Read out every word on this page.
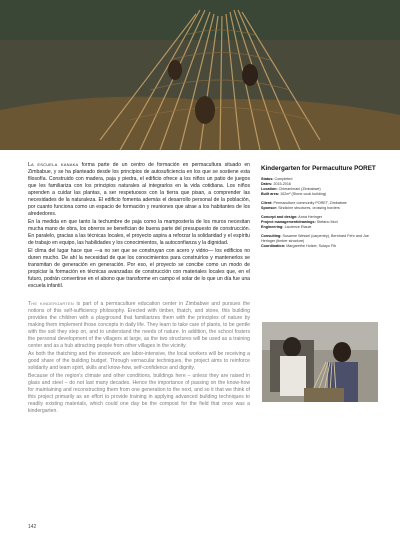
La escuela kanaka forma parte de un centro de formación en permacultura situado en Zimbabue, y se ha planteado desde los principios de autosuficiencia en los que se sostiene esta filosofía. Construido con madera, paja y piedra, el edificio ofrece a los niños un patio de juegos que les familiariza con los principios naturales al integrarlos en la vida cotidiana. Los niños aprenden a cuidar las plantas, a ser respetuosos con la tierra que pisan, a comprender las necesidades de la naturaleza. El edificio fomenta además el desarrollo personal de la población, por cuanto funciona como un espacio de formación y reuniones que atrae a los habitantes de los alrededores.

En la medida en que tanto la techumbre de paja como la mampostería de los muros necesitan mucha mano de obra, los obreros se benefician de buena parte del presupuesto de construcción. En paralelo, gracias a las técnicas locales, el proyecto aspira a reforzar la solidaridad y el espíritu de trabajo en equipo, las habilidades y los conocimientos, la autoconfianza y la dignidad.

El clima del lugar hace que —a no ser que se construyan con acero y vidrio— los edificios no duren mucho. De ahí la necesidad de que los conocimientos para construirlos y mantenerlos se transmitan de generación en generación. Por eso, el proyecto se concibe como un modo de propiciar la formación en técnicas avanzadas de construcción con materiales locales que, en el futuro, podrán convertirse en el abono que transforme en campo el solar de lo que un día fue una escuela infantil.

The kindergarten is part of a permaculture education center in Zimbabwe and pursues the notions of this self-sufficiency philosophy. Erected with timber, thatch, and stone, this building provides the children with a playground that familiarizes them with the principles of nature by making them implement those concepts in daily life. They learn to take care of plants, to be gentle with the soil they step on, and to understand the needs of nature. In addition, the school fosters the personal development of the villagers at large, as the two structures will be used as a training center and as a hub attracting people from other villages in the vicinity.

As both the thatching and the stonework are labor-intensive, the local workers will be receiving a good share of the building budget. Through vernacular techniques, the project aims to reinforce solidarity and team spirit, skills and know-how, self-confidence and dignity.

Because of the region's climate and other conditions, buildings here – unless they are raised in glass and steel – do not last many decades. Hence the importance of passing on the know-how for maintaining and reconstructing them from one generation to the next, and so it that we think of this project primarily as an effort to provide training in applying advanced building techniques to readily existing materials, which could one day be the compost for the field that once was a kindergarten.

Kindergarten for Permaculture PORET
Status: Completed
Dates: 2015-2016
Location: Chimanimani (Zimbabwe)
Built area: 102m² (Stone cook building)
Client: Permaculture community PORET, Zimbabwe
Sponsor: Sindicine structures, crossing borders
Concept and design: Anna Heringer
Project management/drawings: Stefano Mori
Engineering: Laurence Etauie
Consulting: Susanne Wessel (carpentry), Bernhard Fehr and Joe Heringer (timber structure)
Coordination: Margarethe Holzer, Sulayo Fib
142
